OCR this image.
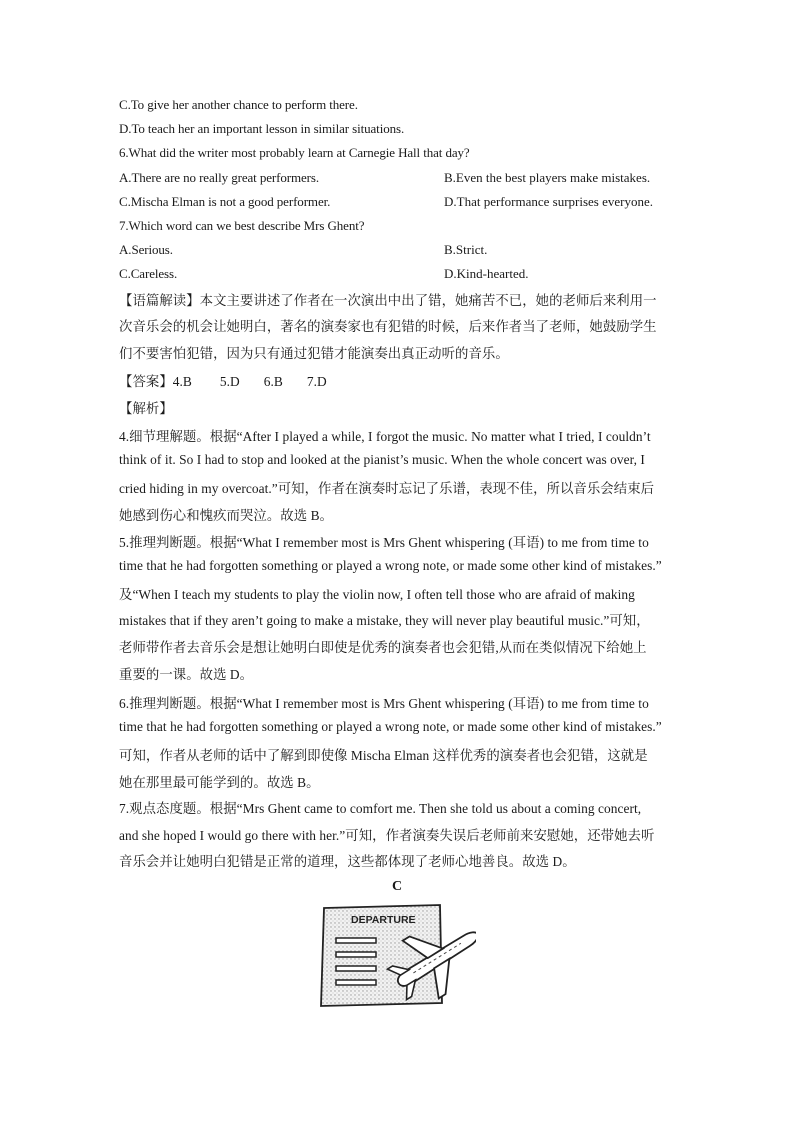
C.To give her another chance to perform there.
D.To teach her an important lesson in similar situations.
6.What did the writer most probably learn at Carnegie Hall that day?
A.There are no really great performers.	B.Even the best players make mistakes.
C.Mischa Elman is not a good performer.	D.That performance surprises everyone.
7.Which word can we best describe Mrs Ghent?
A.Serious.	B.Strict.
C.Careless.	D.Kind-hearted.
【语篇解读】本文主要讲述了作者在一次演出中出了错，她痛苦不已，她的老师后来利用一
次音乐会的机会让她明白，著名的演奏家也有犯错的时候，后来作者当了老师，她鼓励学生
们不要害怕犯错，因为只有通过犯错才能演奏出真正动听的音乐。
【答案】4.B 5.D 6.B 7.D
【解析】
4.细节理解题。根据“After I played a while, I forgot the music. No matter what I tried, I couldn’t
think of it. So I had to stop and looked at the pianist’s music. When the whole concert was over, I
cried hiding in my overcoat.”可知，作者在演奏时忘记了乐谱，表现不佳，所以音乐会结束后
她感到伤心和愧疚而哭泣。故选 B。
5.推理判断题。根据“What I remember most is Mrs Ghent whispering (耳语) to me from time to
time that he had forgotten something or played a wrong note, or made some other kind of mistakes.”
及“When I teach my students to play the violin now, I often tell those who are afraid of making
mistakes that if they aren’t going to make a mistake, they will never play beautiful music.”可知，
老师带作者去音乐会是想让她明白即使是优秀的演奏者也会犯错,从而在类似情况下给她上
重要的一课。故选 D。
6.推理判断题。根据“What I remember most is Mrs Ghent whispering (耳语) to me from time to
time that he had forgotten something or played a wrong note, or made some other kind of mistakes.”
可知，作者从老师的话中了解到即使像 Mischa Elman 这样优秀的演奏者也会犯错，这就是
她在那里最可能学到的。故选 B。
7.观点态度题。根据“Mrs Ghent came to comfort me. Then she told us about a coming concert,
and she hoped I would go there with her.”可知，作者演奏失误后老师前来安慰她，还带她去听
音乐会并让她明白犯错是正常的道理，这些都体现了老师心地善良。故选 D。
C
DEPARTURE
